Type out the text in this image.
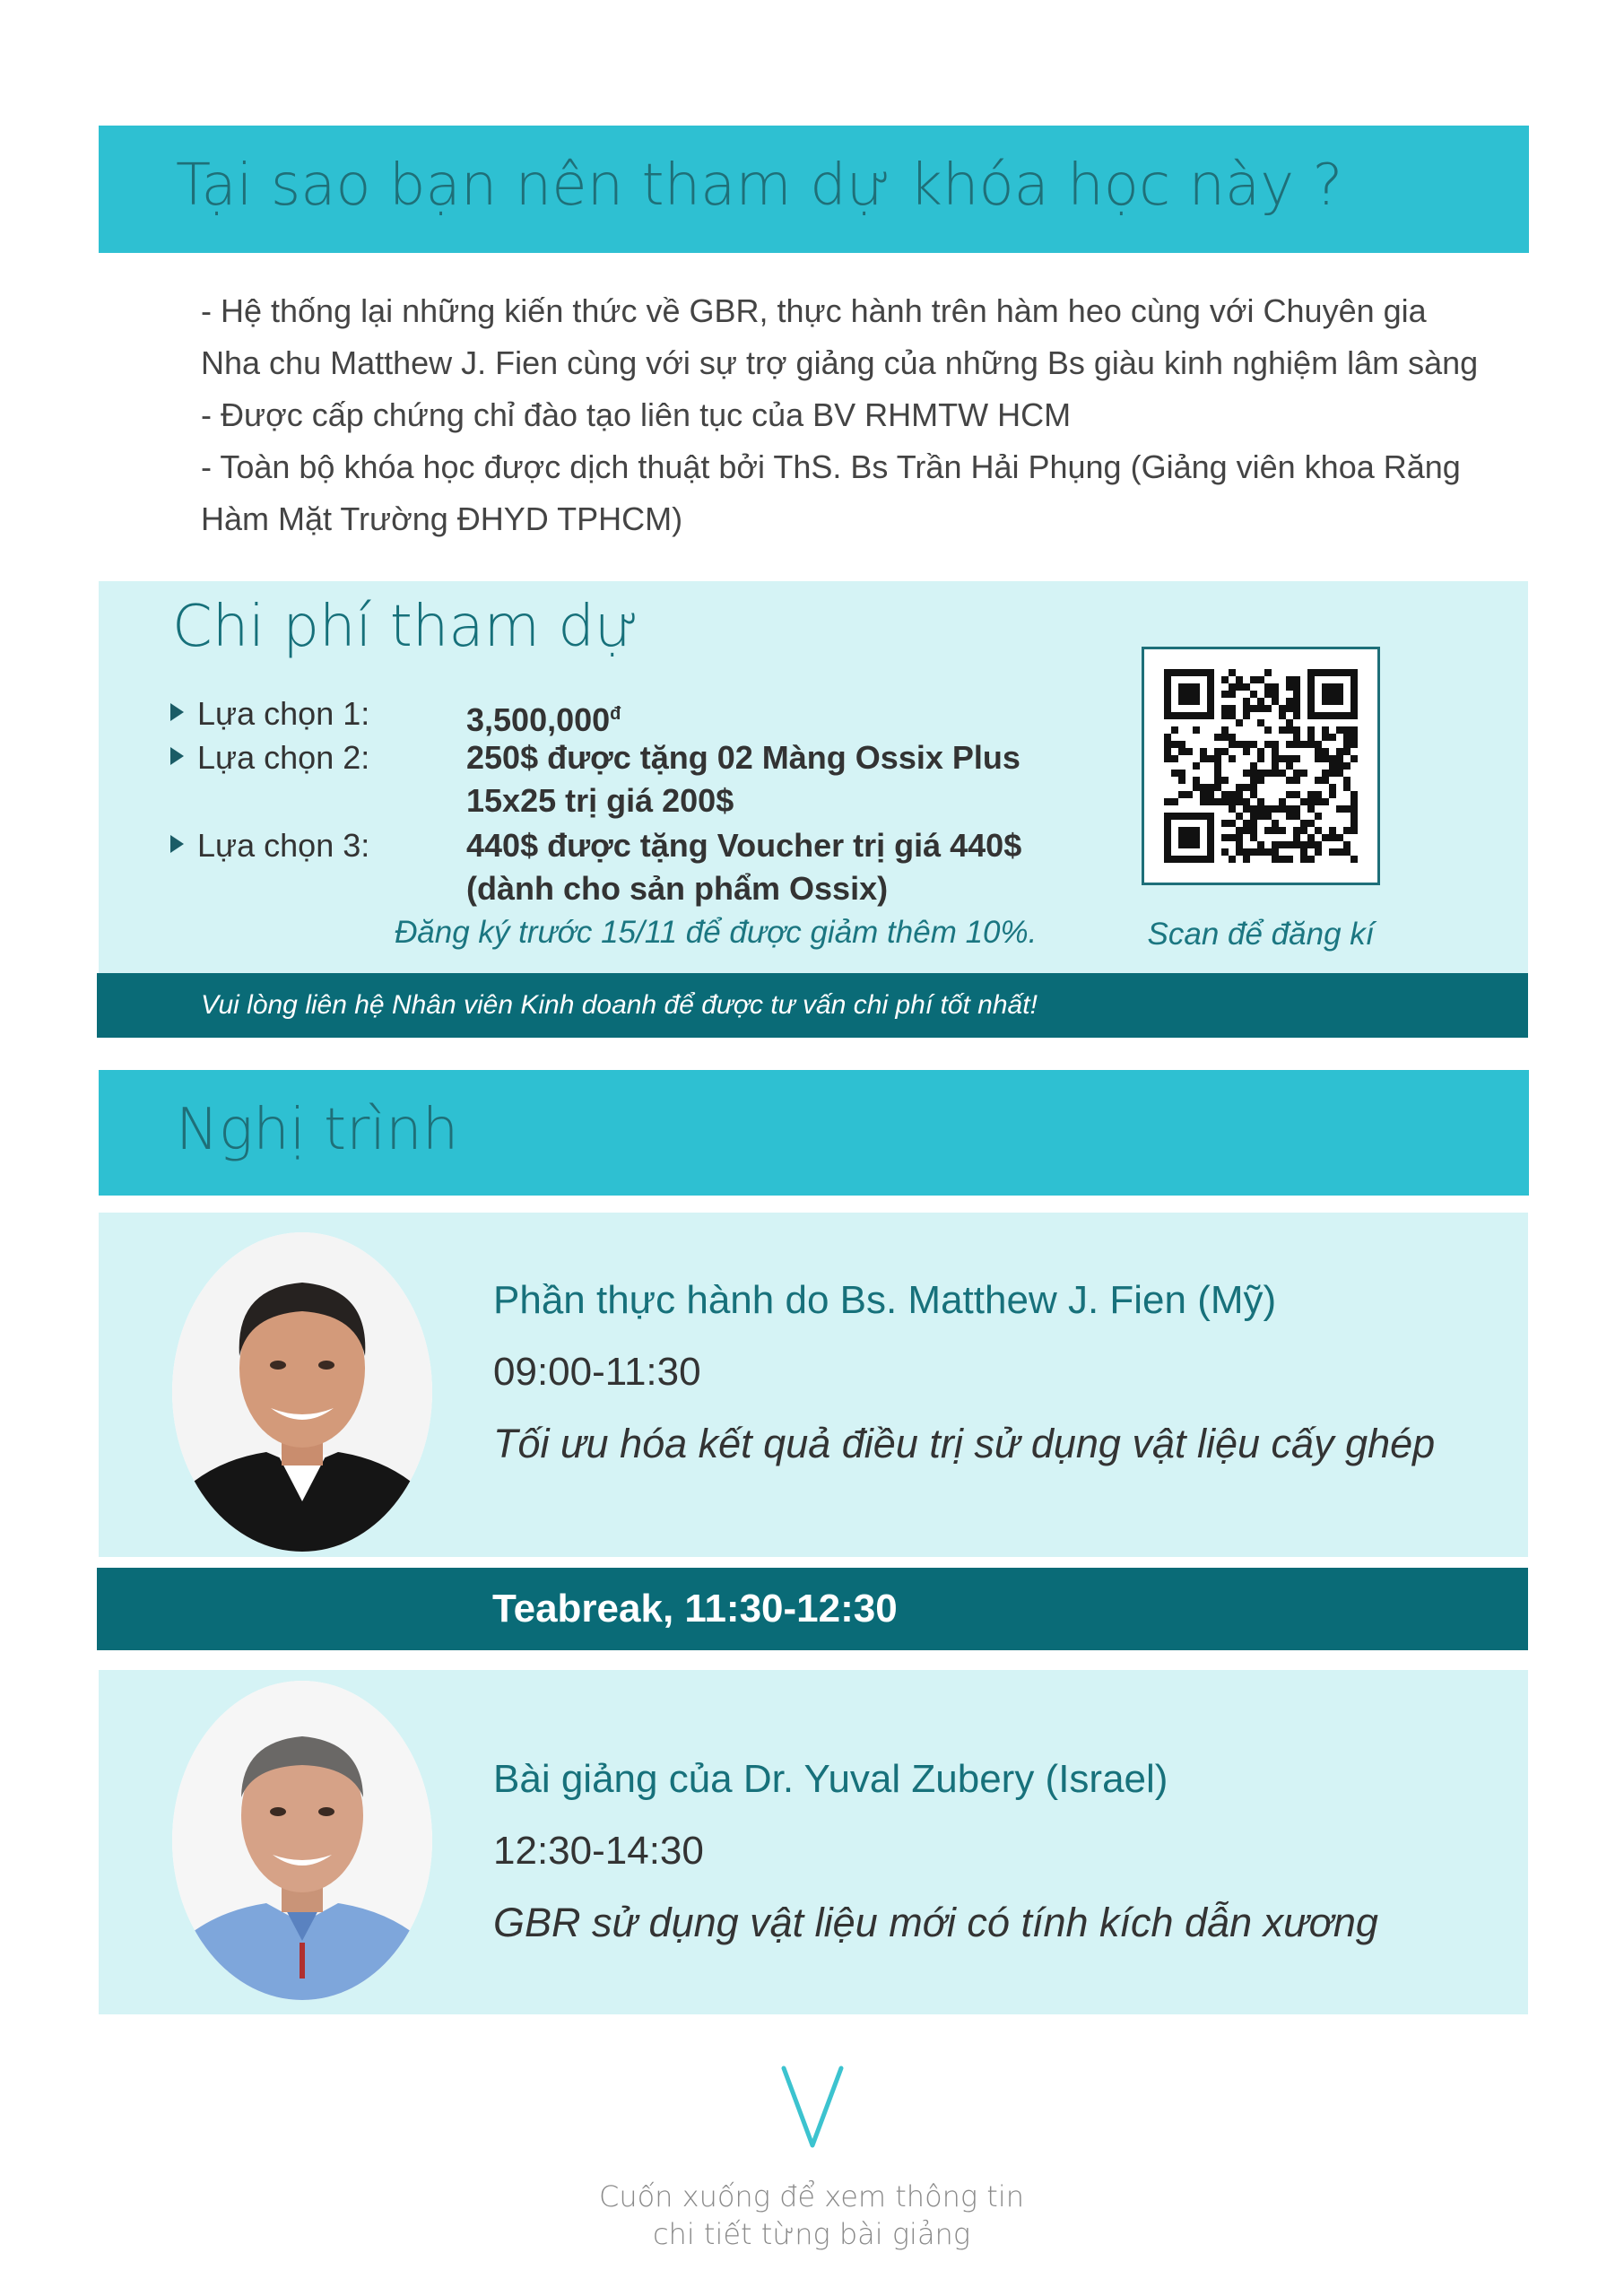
Tại sao bạn nên tham dự khóa học này ?
- Hệ thống lại những kiến thức về GBR, thực hành trên hàm heo cùng với Chuyên gia Nha chu Matthew J. Fien cùng với sự trợ giảng của những Bs giàu kinh nghiệm lâm sàng
- Được cấp chứng chỉ đào tạo liên tục của BV RHMTW HCM
- Toàn bộ khóa học được dịch thuật bởi ThS. Bs Trần Hải Phụng (Giảng viên khoa Răng Hàm Mặt Trường ĐHYD TPHCM)
Chi phí tham dự
Lựa chọn 1:	$3,500,000^đ$
Lựa chọn 2:	250$ được tặng 02 Màng Ossix Plus
15x25 trị giá 200$
Lựa chọn 3:	440$ được tặng Voucher trị giá 440$
(dành cho sản phẩm Ossix)
Đăng ký trước 15/11 để được giảm thêm 10%.	Scan để đăng kí
Vui lòng liên hệ Nhân viên Kinh doanh để được tư vấn chi phí tốt nhất!
Nghị trình
Phần thực hành do Bs. Matthew J. Fien (Mỹ)
09:00-11:30
Tối ưu hóa kết quả điều trị sử dụng vật liệu cấy ghép
Teabreak, 11:30-12:30
Bài giảng của Dr. Yuval Zubery (Israel)
12:30-14:30
GBR sử dụng vật liệu mới có tính kích dẫn xương
Cuốn xuống để xem thông tin
chi tiết từng bài giảng
